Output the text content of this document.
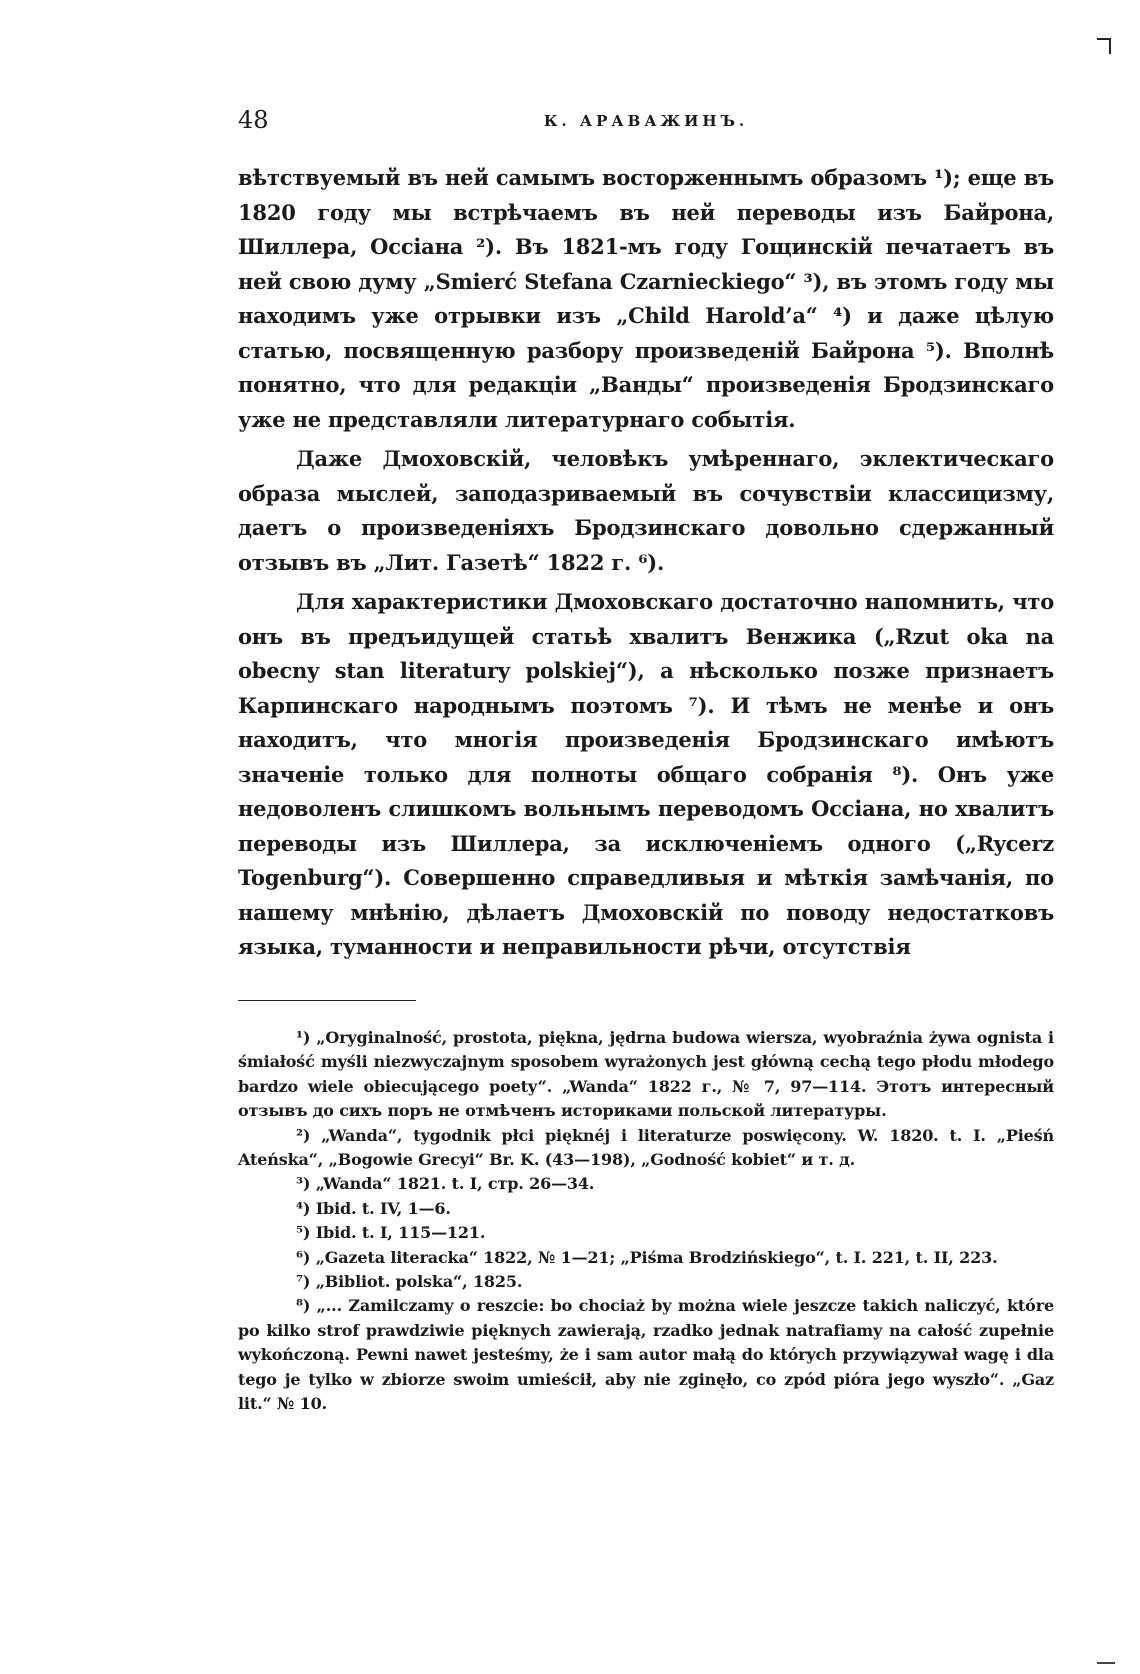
48	К. АРАВАЖИНЪ.

вѣтствуемый въ ней самымъ восторженнымъ образомъ ¹); еще въ 1820 году мы встрѣчаемъ въ ней переводы изъ Байрона, Шиллера, Оссіана ²). Въ 1821-мъ году Гощинскій печатаетъ въ ней свою думу „Smierć Stefana Czarnieckiego“ ³), въ этомъ году мы находимъ уже отрывки изъ „Child Harold’a“ ⁴) и даже цѣлую статью, посвященную разбору произведеній Байрона ⁵). Вполнѣ понятно, что для редакціи „Ванды“ произведенія Бродзинскаго уже не представляли литературнаго событія.

Даже Дмоховскій, человѣкъ умѣреннаго, эклектическаго образа мыслей, заподазриваемый въ сочувствіи классицизму, даетъ о произведеніяхъ Бродзинскаго довольно сдержанный отзывъ въ „Лит. Газетѣ“ 1822 г. ⁶).

Для характеристики Дмоховскаго достаточно напомнить, что онъ въ предъидущей статьѣ хвалитъ Венжика („Rzut oka na obecny stan literatury polskiej“), а нѣсколько позже признаетъ Карпинскаго народнымъ поэтомъ ⁷). И тѣмъ не менѣе и онъ находитъ, что многія произведенія Бродзинскаго имѣютъ значеніе только для полноты общаго собранія ⁸). Онъ уже недоволенъ слишкомъ вольнымъ переводомъ Оссіана, но хвалитъ переводы изъ Шиллера, за исключеніемъ одного („Rycerz Togenburg“). Совершенно справедливыя и мѣткія замѣчанія, по нашему мнѣнію, дѣлаетъ Дмоховскій по поводу недостатковъ языка, туманности и неправильности рѣчи, отсутствія

¹) „Oryginalność, prostota, piękna, jędrna budowa wiersza, wyobraźnia żywa ognista i śmiałość myśli niezwyczajnym sposobem wyrażonych jest główną cechą tego płodu młodego bardzo wiele obiecującego poety“. „Wanda“ 1822 г., № 7, 97—114. Этотъ интересный отзывъ до сихъ поръ не отмѣченъ историками польской литературы.

²) „Wanda“, tygodnik płci pięknéj i literaturze poswięcony. W. 1820. t. I. „Pieśń Ateńska“, „Bogowie Grecyi“ Br. K. (43—198), „Godność kobiet“ и т. д.

³) „Wanda“ 1821. t. I, стр. 26—34.

⁴) Ibid. t. IV, 1—6.

⁵) Ibid. t. I, 115—121.

⁶) „Gazeta literacka“ 1822, № 1—21; „Piśma Brodzińskiego“, t. I. 221, t. II, 223.

⁷) „Bibliot. polska“, 1825.

⁸) „... Zamilczamy o reszcie: bo chociaż by można wiele jeszcze takich naliczyć, które po kilko strof prawdziwie pięknych zawierają, rzadko jednak natrafiamy na całość zupełnie wykończoną. Pewni nawet jesteśmy, że i sam autor małą do których przywiązywał wagę i dla tego je tylko w zbiorze swoim umieścił, aby nie zginęło, co zpód pióra jego wyszło“. „Gaz lit.“ № 10.
